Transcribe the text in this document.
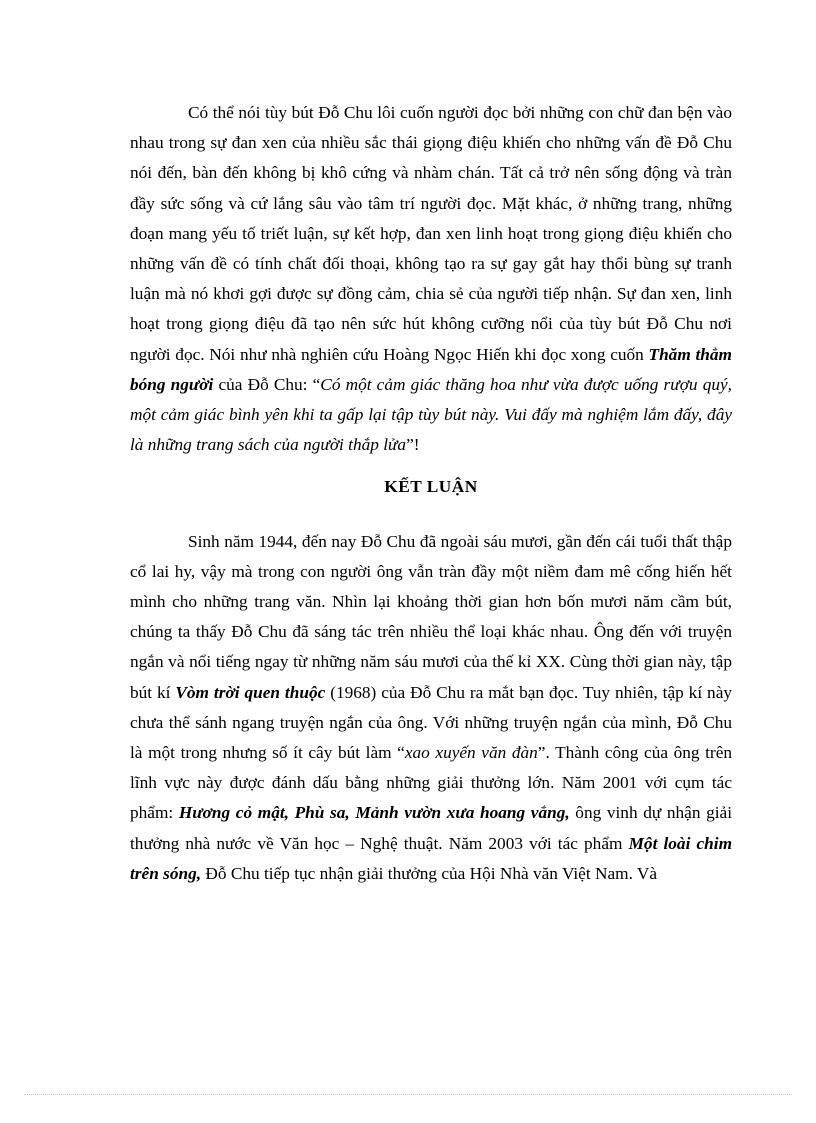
Có thể nói tùy bút Đỗ Chu lôi cuốn người đọc bởi những con chữ đan bện vào nhau trong sự đan xen của nhiều sắc thái giọng điệu khiến cho những vấn đề Đỗ Chu nói đến, bàn đến không bị khô cứng và nhàm chán. Tất cả trở nên sống động và tràn đầy sức sống và cứ lắng sâu vào tâm trí người đọc. Mặt khác, ở những trang, những đoạn mang yếu tố triết luận, sự kết hợp, đan xen linh hoạt trong giọng điệu khiến cho những vấn đề có tính chất đối thoại, không tạo ra sự gay gắt hay thổi bùng sự tranh luận mà nó khơi gợi được sự đồng cảm, chia sẻ của người tiếp nhận. Sự đan xen, linh hoạt trong giọng điệu đã tạo nên sức hút không cưỡng nổi của tùy bút Đỗ Chu nơi người đọc. Nói như nhà nghiên cứu Hoàng Ngọc Hiến khi đọc xong cuốn Thăm thẳm bóng người của Đỗ Chu: “Có một cảm giác thăng hoa như vừa được uống rượu quý, một cảm giác bình yên khi ta gấp lại tập tùy bút này. Vui đấy mà nghiệm lắm đấy, đây là những trang sách của người thắp lửa”!

KẾT LUẬN

Sinh năm 1944, đến nay Đỗ Chu đã ngoài sáu mươi, gần đến cái tuổi thất thập cổ lai hy, vậy mà trong con người ông vẫn tràn đầy một niềm đam mê cống hiến hết mình cho những trang văn. Nhìn lại khoảng thời gian hơn bốn mươi năm cầm bút, chúng ta thấy Đỗ Chu đã sáng tác trên nhiều thể loại khác nhau. Ông đến với truyện ngắn và nổi tiếng ngay từ những năm sáu mươi của thế kỉ XX. Cùng thời gian này, tập bút kí Vòm trời quen thuộc (1968) của Đỗ Chu ra mắt bạn đọc. Tuy nhiên, tập kí này chưa thể sánh ngang truyện ngắn của ông. Với những truyện ngắn của mình, Đỗ Chu là một trong nhưng số ít cây bút làm “xao xuyến văn đàn”. Thành công của ông trên lĩnh vực này được đánh dấu bằng những giải thưởng lớn. Năm 2001 với cụm tác phẩm: Hương cỏ mật, Phù sa, Mảnh vườn xưa hoang vắng, ông vinh dự nhận giải thưởng nhà nước về Văn học – Nghệ thuật. Năm 2003 với tác phẩm Một loài chim trên sóng, Đỗ Chu tiếp tục nhận giải thưởng của Hội Nhà văn Việt Nam. Và
